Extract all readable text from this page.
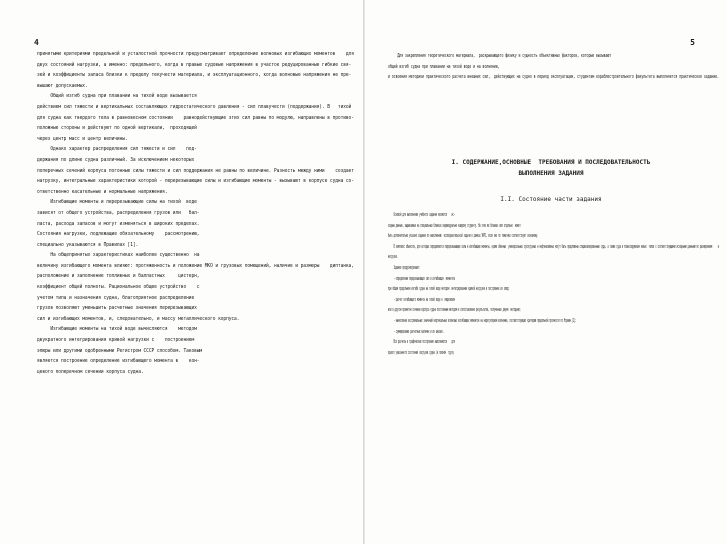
4
принятыми критериями предельной и усталостной прочности предусматривает определение волновых изгибающих моментов    для
двух состояний нагрузки, а именно: предельного, когда в правые судовые напряжения в участок редуцированные гибкие свя-
зей и коэффициенты запаса близки к пределу текучести материала, и эксплуатационного, когда волновые напряжения не пре-
вышают допускаемых.
Общий изгиб судна при плавании на тихой воде вызывается
действием сил тяжести и вертикальных составляющих гидростатического давления - сил плавучести (поддержания). В   тихой
для судна как твердого тела в равновесном состоянии    равнодействующие этих сил равны по модулю, направлены в противо-
положные стороны и действуют по одной вертикали,  проходящей
через центр масс и центр величины.
Однако характер распределения сил тяжести и сил    под-
держания по длине судна различный. За исключением некоторых
поперечных сечений корпуса погонные силы тяжести и сил поддержания не равны по величине. Разность между ними    создает
нагрузку, интегральные характеристики которой - перерезывающие силы и изгибающие моменты - вызывают в корпусе судна со-
ответственно касательные и нормальные напряжения.
Изгибающие моменты и перерезывающие силы на тихой  воде
зависят от общего устройства, распределения грузов или   бал-
ласта, расхода запасов и могут изменяться в широких пределах.
Состояния нагрузки, подлежащие обязательному    рассмотрению,
специально указываются в Правилах [1].
На общепринятых характеристиках наиболее существенно  на
величину изгибающего момента влияют: протяженность и положение МКО и грузовых помещений, наличие и размеры    диптанка,
расположение и заполнение топливных и балластных     цистерн,
коэффициент общей полноты. Рациональное общее устройство    с
учетом типа и назначения судна, благоприятное распределение
грузов позволяют уменьшить расчетные значения перерезывающих
сил и изгибающих моментов, и, следовательно, и массу металлического корпуса.
Изгибающие моменты на тихой воде вычисляются    методом
двукратного интегрирования кривой нагрузки с    построением
эпюры или другими одобренными Регистром СССР способом. Таковым
является построение определение изгибающего момента в    кон-
цевого поперечном сечении корпуса судна.
5
Для закрепления теоретического материала,  раскрывающего физику и сущность объективных факторов, которые вызывают
общий изгиб судна при плавании на тихой воде и на волнении,
и освоения методики практического расчета внешних сил,  действующих на судно в период эксплуатации, студентам кораблестроительного факультета выполняется практическое задание.
I. СОДЕРЖАНИЕ,ОСНОВНЫЕ  ТРЕБОВАНИЯ И ПОСЛЕДОВАТЕЛЬНОСТЬ
ВЫПОЛНЕНИЯ ЗАДАНИЯ
I.I. Состояние части задания
Основой для выполнения учебного задания являются    ис-
ходные данные, выдаваемые на специальных бланках индивидуально каждому студенту. На этих же бланках или отдельно  может
быть дополнительно указано задание по выполнению  исследовательской задачи в рамках УИРС, если оно по тематике соответствует основному.
В комплекс объектов, для которых определяются перерезывающие силы и изгибающие моменты, кроме обычных  универсальных сухогрузных и нефтеналивных могут быть предложены специализированные суда, а также суда и плавсооружения новых  типов с соответствующими исходными данными по размерениям     и
нагрузке.
Задание предусматривает:
- определение перерезывающих сил и изгибающих  моментов
при общем продольном изгибе судна на тихой воде методом  интегрирования кривой нагрузки и построение их эпюр;
- расчет изгибающего момента на тихой воде в  миделевом
или в другом принятом сечении корпуса судна постоянным методом и сопоставление результатов, полученных двумя  методами;
- вычисление экстремальных значений вертикальных волновых изгибающих моментов на нерегулярном волнении, соответствующих критерию предельной прочности по Нормам [2];
- суммирование расчетных величин и их анализ.
Все расчеты и графические построения выполняются    для
одного указанного состояния загрузки судна (в полном  грузу
